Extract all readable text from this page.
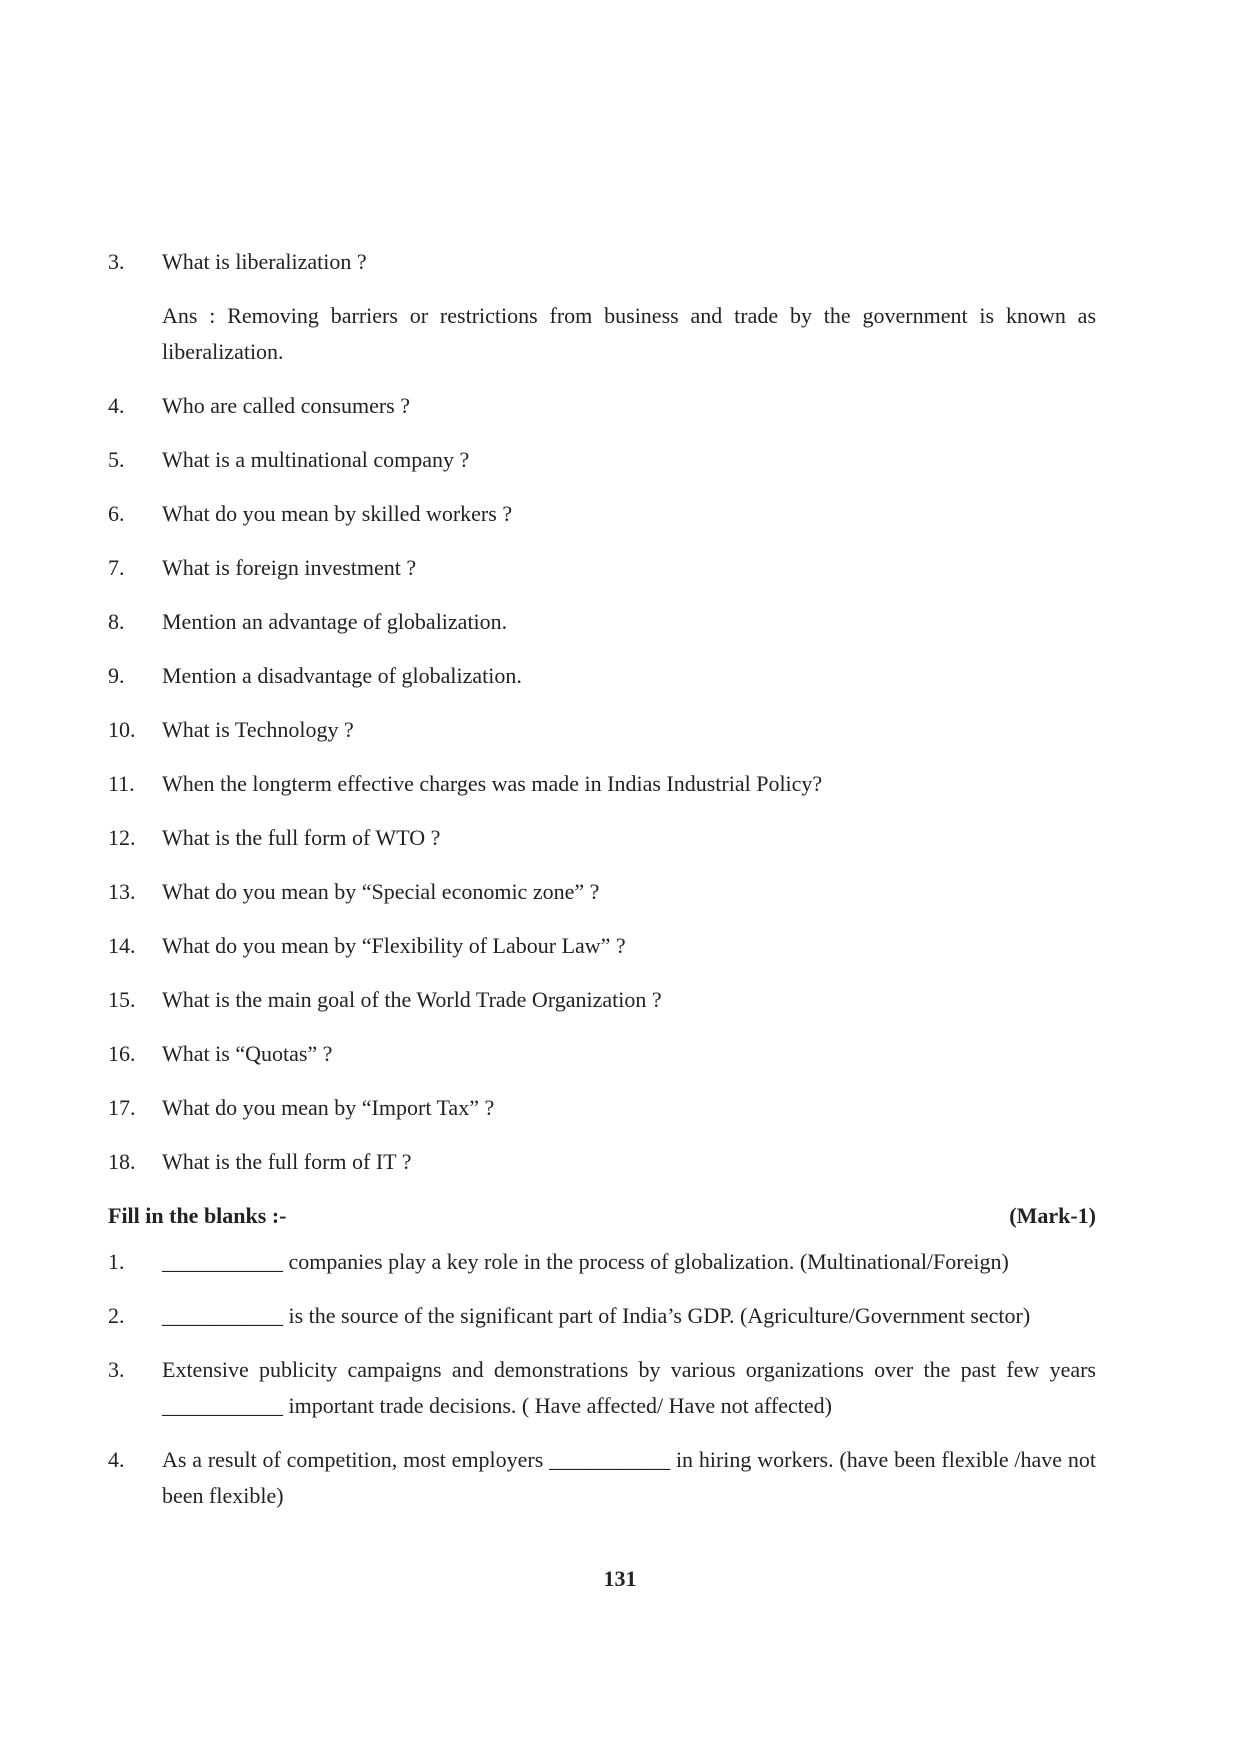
3.	What is liberalization ?
Ans : Removing barriers or restrictions from business and trade by the government is known as liberalization.
4.	Who are called consumers ?
5.	What is a multinational company ?
6.	What do you mean by skilled workers ?
7.	What is foreign investment ?
8.	Mention an advantage of globalization.
9.	Mention a disadvantage of globalization.
10.	What is Technology ?
11.	When the longterm effective charges was made in Indias Industrial Policy?
12.	What is the full form of WTO ?
13.	What do you mean by “Special economic zone” ?
14.	What do you mean by “Flexibility of Labour Law” ?
15.	What is the main goal of the World Trade Organization ?
16.	What is “Quotas” ?
17.	What do you mean by “Import Tax” ?
18.	What is the full form of IT ?
Fill in the blanks :-	(Mark-1)
1.	___________ companies play a key role in the process of globalization. (Multinational/Foreign)
2.	___________ is the source of the significant part of India’s GDP. (Agriculture/Government sector)
3.	Extensive publicity campaigns and demonstrations by various organizations over the past few years ___________ important trade decisions. ( Have affected/ Have not affected)
4.	As a result of competition, most employers ___________ in hiring workers. (have been flexible /have not been flexible)
131
